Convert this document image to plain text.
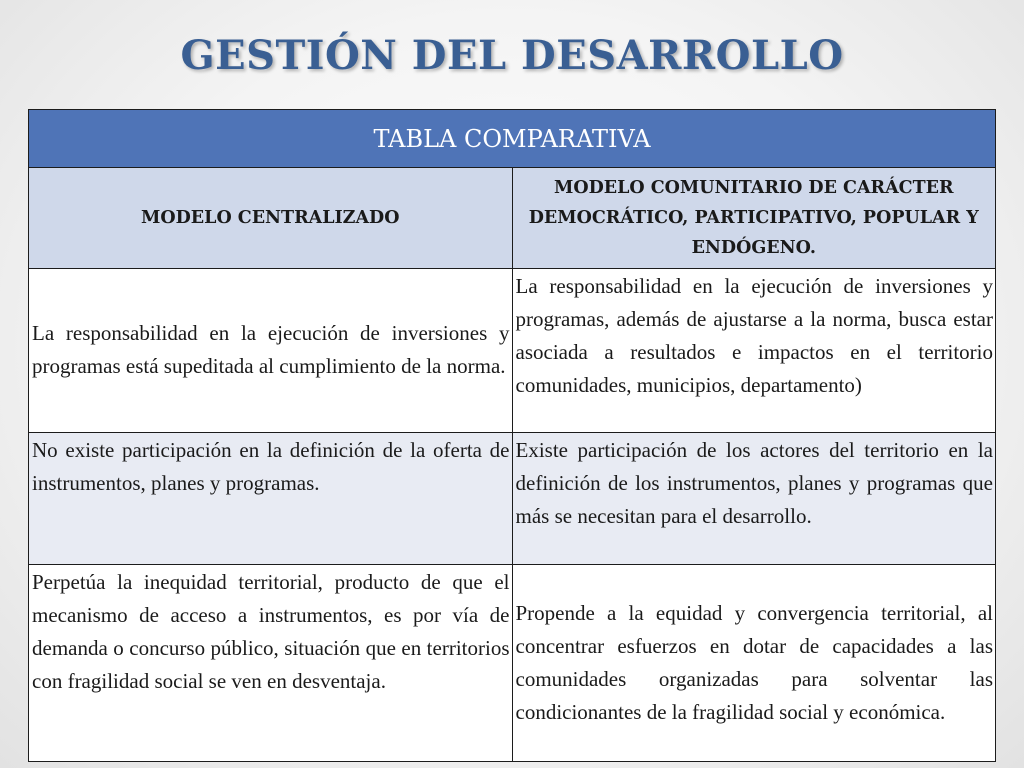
GESTIÓN DEL DESARROLLO
TABLA COMPARATIVA	
MODELO CENTRALIZADO	MODELO COMUNITARIO DE CARÁCTER DEMOCRÁTICO, PARTICIPATIVO, POPULAR Y ENDÓGENO.
La responsabilidad en la ejecución de inversiones y programas está supeditada al cumplimiento de la norma.	La responsabilidad en la ejecución de inversiones y programas, además de ajustarse a la norma, busca estar asociada a resultados e impactos en el territorio comunidades, municipios, departamento)
No existe participación en la definición de la oferta de instrumentos, planes y programas.	Existe participación de los actores del territorio en la definición de los instrumentos, planes y programas que más se necesitan para el desarrollo.
Perpetúa la inequidad territorial, producto de que el mecanismo de acceso a instrumentos, es por vía de demanda o concurso público, situación que en territorios con fragilidad social se ven en desventaja.	Propende a la equidad y convergencia territorial, al concentrar esfuerzos en dotar de capacidades a las comunidades organizadas para solventar las condicionantes de la fragilidad social y económica.
